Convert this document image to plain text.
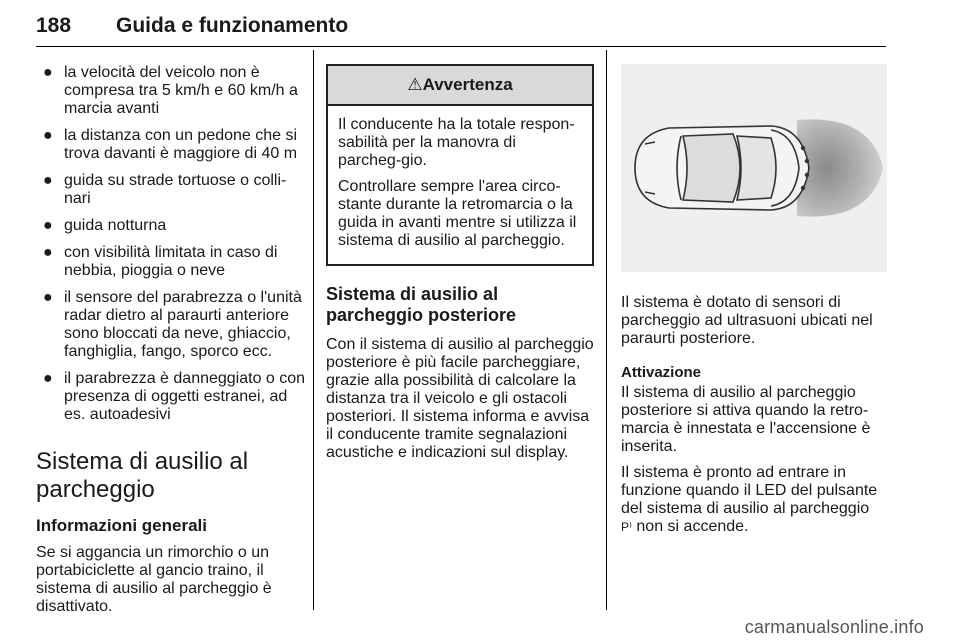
188 Guida e funzionamento
● la velocità del veicolo non è compresa tra 5 km/h e 60 km/h a marcia avanti
● la distanza con un pedone che si trova davanti è maggiore di 40 m
● guida su strade tortuose o colli-nari
● guida notturna
● con visibilità limitata in caso di nebbia, pioggia o neve
● il sensore del parabrezza o l'unità radar dietro al paraurti anteriore sono bloccati da neve, ghiaccio, fanghiglia, fango, sporco ecc.
● il parabrezza è danneggiato o con presenza di oggetti estranei, ad es. autoadesivi
Sistema di ausilio al parcheggio
Informazioni generali

Se si aggancia un rimorchio o un portabiciclette al gancio traino, il sistema di ausilio al parcheggio è disattivato.

⚠Avvertenza

Il conducente ha la totale respon-sabilità per la manovra di parcheg-gio.

Controllare sempre l'area circo-stante durante la retromarcia o la guida in avanti mentre si utilizza il sistema di ausilio al parcheggio.

Sistema di ausilio al parcheggio posteriore

Con il sistema di ausilio al parcheggio posteriore è più facile parcheggiare, grazie alla possibilità di calcolare la distanza tra il veicolo e gli ostacoli posteriori. Il sistema informa e avvisa il conducente tramite segnalazioni acustiche e indicazioni sul display.

Il sistema è dotato di sensori di parcheggio ad ultrasuoni ubicati nel paraurti posteriore.

Attivazione

Il sistema di ausilio al parcheggio posteriore si attiva quando la retro-marcia è innestata e l'accensione è inserita.

Il sistema è pronto ad entrare in funzione quando il LED del pulsante del sistema di ausilio al parcheggio
P⁾ non si accende.

carmanualsonline.info
